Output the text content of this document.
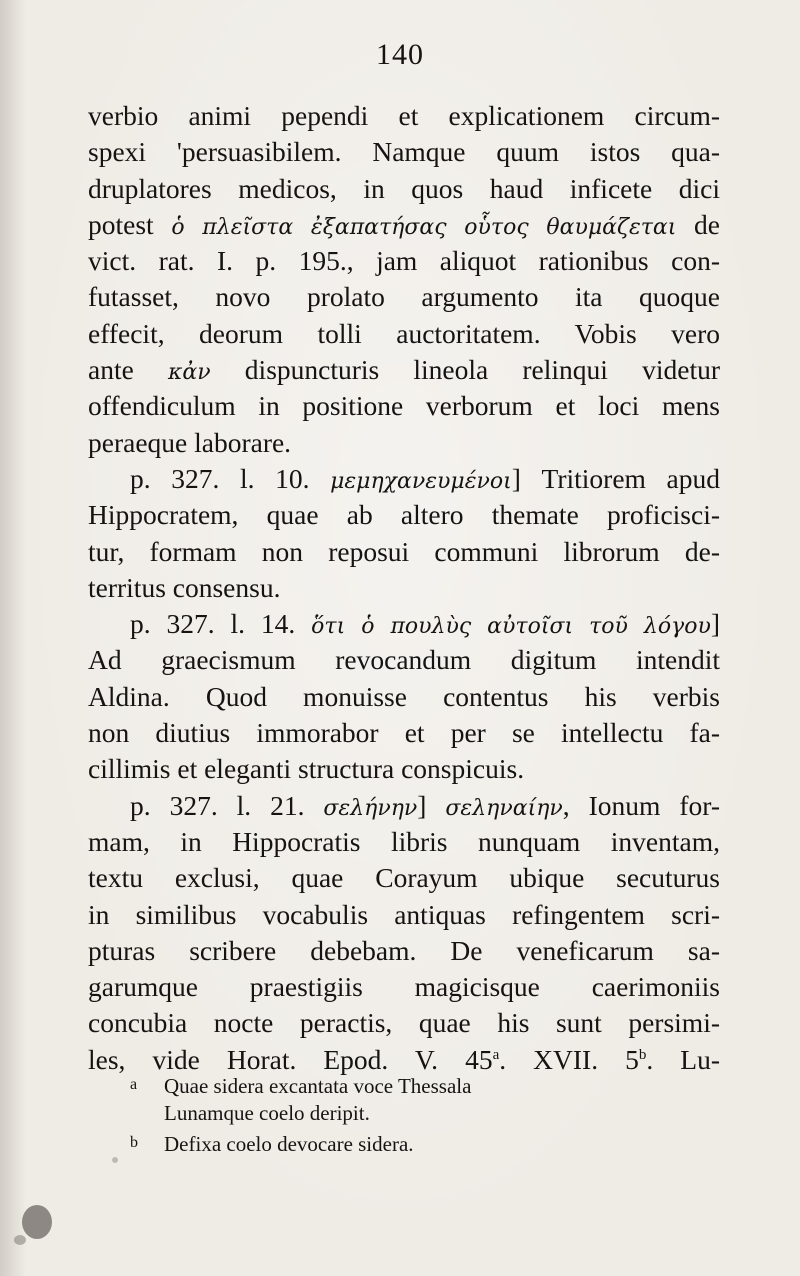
140
verbio animi pependi et explicationem circum-
spexi 'persuasibilem. Namque quum istos qua-
druplatores medicos, in quos haud inficete dici
potest ὁ πλεῖστα ἐξαπατήσας οὗτος θαυμάζεται de
vict. rat. I. p. 195., jam aliquot rationibus con-
futasset, novo prolato argumento ita quoque
effecit, deorum tolli auctoritatem. Vobis vero
ante κἀν dispuncturis lineola relinqui videtur
offendiculum in positione verborum et loci mens
peraeque laborare.
p. 327. l. 10. μεμηχανευμένοι] Tritiorem apud
Hippocratem, quae ab altero themate proficisci-
tur, formam non reposui communi librorum de-
territus consensu.
p. 327. l. 14. ὅτι ὁ πουλὺς αὐτοῖσι τοῦ λόγου]
Ad graecismum revocandum digitum intendit
Aldina. Quod monuisse contentus his verbis
non diutius immorabor et per se intellectu fa-
cillimis et eleganti structura conspicuis.
p. 327. l. 21. σελήνην] σεληναίην, Ionum for-
mam, in Hippocratis libris nunquam inventam,
textu exclusi, quae Corayum ubique secuturus
in similibus vocabulis antiquas refingentem scri-
pturas scribere debebam. De veneficarum sa-
garumque praestigiis magicisque caerimoniis
concubia nocte peractis, quae his sunt persimi-
les, vide Horat. Epod. V. 45$^a$. XVII. 5$^b$. Lu-
a Quae sidera excantata voce Thessala
Lunamque coelo deripit.
b Defixa coelo devocare sidera.
